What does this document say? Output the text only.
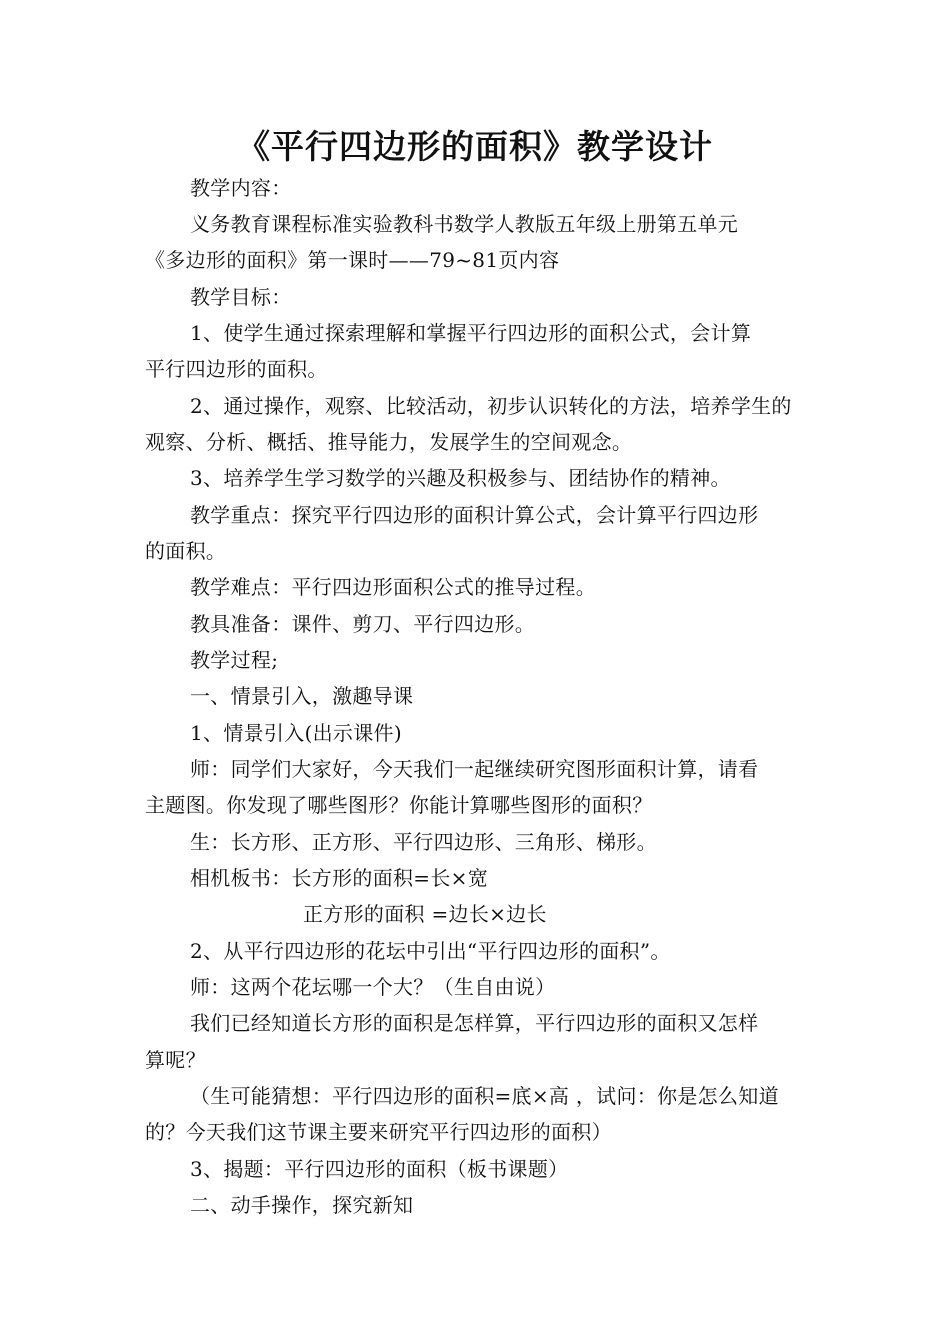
《平行四边形的面积》教学设计
教学内容：
义务教育课程标准实验教科书数学人教版五年级上册第五单元
《多边形的面积》第一课时——79~81页内容
教学目标：
1、使学生通过探索理解和掌握平行四边形的面积公式，会计算
平行四边形的面积。
2、通过操作，观察、比较活动，初步认识转化的方法，培养学生的
观察、分析、概括、推导能力，发展学生的空间观念。
3、培养学生学习数学的兴趣及积极参与、团结协作的精神。
教学重点：探究平行四边形的面积计算公式，会计算平行四边形
的面积。
教学难点：平行四边形面积公式的推导过程。
教具准备：课件、剪刀、平行四边形。
教学过程;
一、情景引入，激趣导课
1、情景引入(出示课件)
师：同学们大家好，今天我们一起继续研究图形面积计算，请看
主题图。你发现了哪些图形？你能计算哪些图形的面积？
生：长方形、正方形、平行四边形、三角形、梯形。
相机板书：长方形的面积=长×宽
正方形的面积 =边长×边长
2、从平行四边形的花坛中引出“平行四边形的面积”。
师：这两个花坛哪一个大？（生自由说）
我们已经知道长方形的面积是怎样算，平行四边形的面积又怎样
算呢？
（生可能猜想：平行四边形的面积=底×高 ，试问：你是怎么知道
的？今天我们这节课主要来研究平行四边形的面积）
3、揭题：平行四边形的面积（板书课题）
二、动手操作，探究新知
